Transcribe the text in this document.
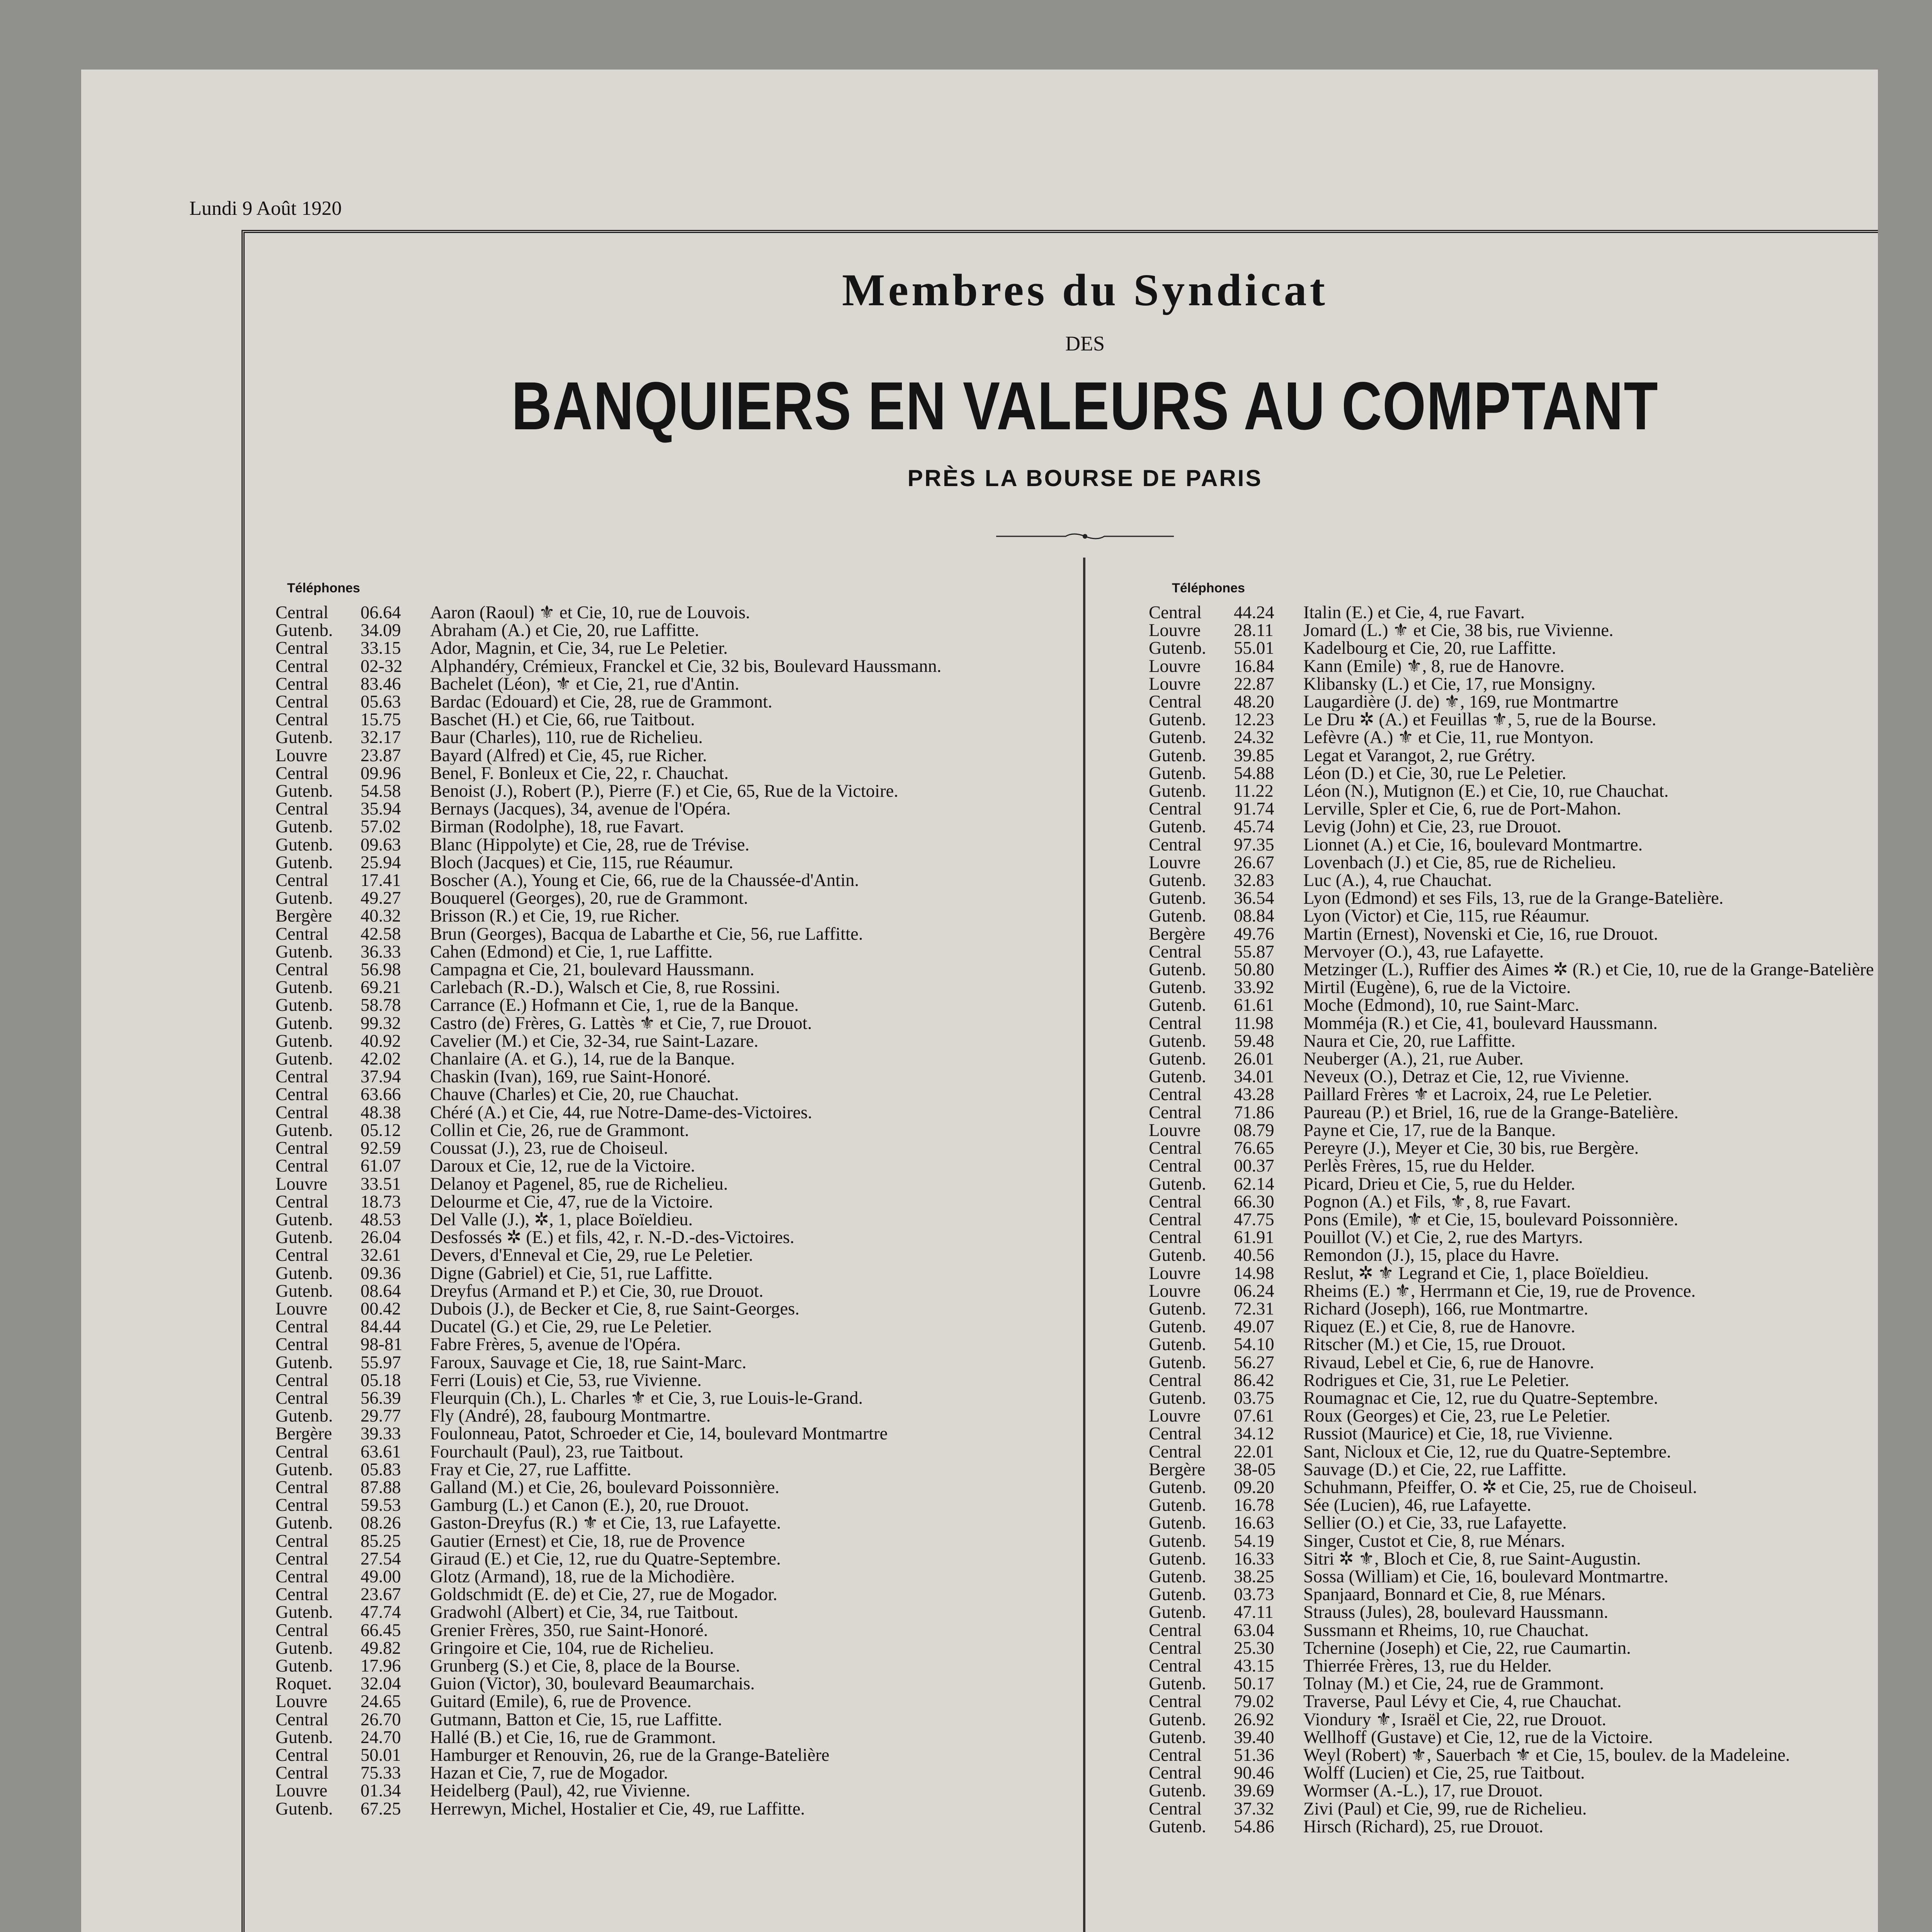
Lundi 9 Août 1920
Membres du Syndicat
DES
BANQUIERS EN VALEURS AU COMPTANT
PRÈS LA BOURSE DE PARIS
Téléphones	Téléphones
Central	06.64	Aaron (Raoul) ⚜ et Cie, 10, rue de Louvois.
Gutenb.	34.09	Abraham (A.) et Cie, 20, rue Laffitte.
Central	33.15	Ador, Magnin, et Cie, 34, rue Le Peletier.
Central	02-32	Alphandéry, Crémieux, Franckel et Cie, 32 bis, Boulevard Haussmann.
Central	83.46	Bachelet (Léon), ⚜ et Cie, 21, rue d'Antin.
Central	05.63	Bardac (Edouard) et Cie, 28, rue de Grammont.
Central	15.75	Baschet (H.) et Cie, 66, rue Taitbout.
Gutenb.	32.17	Baur (Charles), 110, rue de Richelieu.
Louvre	23.87	Bayard (Alfred) et Cie, 45, rue Richer.
Central	09.96	Benel, F. Bonleux et Cie, 22, r. Chauchat.
Gutenb.	54.58	Benoist (J.), Robert (P.), Pierre (F.) et Cie, 65, Rue de la Victoire.
Central	35.94	Bernays (Jacques), 34, avenue de l'Opéra.
Gutenb.	57.02	Birman (Rodolphe), 18, rue Favart.
Gutenb.	09.63	Blanc (Hippolyte) et Cie, 28, rue de Trévise.
Gutenb.	25.94	Bloch (Jacques) et Cie, 115, rue Réaumur.
Central	17.41	Boscher (A.), Young et Cie, 66, rue de la Chaussée-d'Antin.
Gutenb.	49.27	Bouquerel (Georges), 20, rue de Grammont.
Bergère	40.32	Brisson (R.) et Cie, 19, rue Richer.
Central	42.58	Brun (Georges), Bacqua de Labarthe et Cie, 56, rue Laffitte.
Gutenb.	36.33	Cahen (Edmond) et Cie, 1, rue Laffitte.
Central	56.98	Campagna et Cie, 21, boulevard Haussmann.
Gutenb.	69.21	Carlebach (R.-D.), Walsch et Cie, 8, rue Rossini.
Gutenb.	58.78	Carrance (E.) Hofmann et Cie, 1, rue de la Banque.
Gutenb.	99.32	Castro (de) Frères, G. Lattès ⚜ et Cie, 7, rue Drouot.
Gutenb.	40.92	Cavelier (M.) et Cie, 32-34, rue Saint-Lazare.
Gutenb.	42.02	Chanlaire (A. et G.), 14, rue de la Banque.
Central	37.94	Chaskin (Ivan), 169, rue Saint-Honoré.
Central	63.66	Chauve (Charles) et Cie, 20, rue Chauchat.
Central	48.38	Chéré (A.) et Cie, 44, rue Notre-Dame-des-Victoires.
Gutenb.	05.12	Collin et Cie, 26, rue de Grammont.
Central	92.59	Coussat (J.), 23, rue de Choiseul.
Central	61.07	Daroux et Cie, 12, rue de la Victoire.
Louvre	33.51	Delanoy et Pagenel, 85, rue de Richelieu.
Central	18.73	Delourme et Cie, 47, rue de la Victoire.
Gutenb.	48.53	Del Valle (J.), ✲, 1, place Boïeldieu.
Gutenb.	26.04	Desfossés ✲ (E.) et fils, 42, r. N.-D.-des-Victoires.
Central	32.61	Devers, d'Enneval et Cie, 29, rue Le Peletier.
Gutenb.	09.36	Digne (Gabriel) et Cie, 51, rue Laffitte.
Gutenb.	08.64	Dreyfus (Armand et P.) et Cie, 30, rue Drouot.
Louvre	00.42	Dubois (J.), de Becker et Cie, 8, rue Saint-Georges.
Central	84.44	Ducatel (G.) et Cie, 29, rue Le Peletier.
Central	98-81	Fabre Frères, 5, avenue de l'Opéra.
Gutenb.	55.97	Faroux, Sauvage et Cie, 18, rue Saint-Marc.
Central	05.18	Ferri (Louis) et Cie, 53, rue Vivienne.
Central	56.39	Fleurquin (Ch.), L. Charles ⚜ et Cie, 3, rue Louis-le-Grand.
Gutenb.	29.77	Fly (André), 28, faubourg Montmartre.
Bergère	39.33	Foulonneau, Patot, Schroeder et Cie, 14, boulevard Montmartre
Central	63.61	Fourchault (Paul), 23, rue Taitbout.
Gutenb.	05.83	Fray et Cie, 27, rue Laffitte.
Central	87.88	Galland (M.) et Cie, 26, boulevard Poissonnière.
Central	59.53	Gamburg (L.) et Canon (E.), 20, rue Drouot.
Gutenb.	08.26	Gaston-Dreyfus (R.) ⚜ et Cie, 13, rue Lafayette.
Central	85.25	Gautier (Ernest) et Cie, 18, rue de Provence
Central	27.54	Giraud (E.) et Cie, 12, rue du Quatre-Septembre.
Central	49.00	Glotz (Armand), 18, rue de la Michodière.
Central	23.67	Goldschmidt (E. de) et Cie, 27, rue de Mogador.
Gutenb.	47.74	Gradwohl (Albert) et Cie, 34, rue Taitbout.
Central	66.45	Grenier Frères, 350, rue Saint-Honoré.
Gutenb.	49.82	Gringoire et Cie, 104, rue de Richelieu.
Gutenb.	17.96	Grunberg (S.) et Cie, 8, place de la Bourse.
Roquet.	32.04	Guion (Victor), 30, boulevard Beaumarchais.
Louvre	24.65	Guitard (Emile), 6, rue de Provence.
Central	26.70	Gutmann, Batton et Cie, 15, rue Laffitte.
Gutenb.	24.70	Hallé (B.) et Cie, 16, rue de Grammont.
Central	50.01	Hamburger et Renouvin, 26, rue de la Grange-Batelière
Central	75.33	Hazan et Cie, 7, rue de Mogador.
Louvre	01.34	Heidelberg (Paul), 42, rue Vivienne.
Gutenb.	67.25	Herrewyn, Michel, Hostalier et Cie, 49, rue Laffitte.
Central	44.24	Italin (E.) et Cie, 4, rue Favart.
Louvre	28.11	Jomard (L.) ⚜ et Cie, 38 bis, rue Vivienne.
Gutenb.	55.01	Kadelbourg et Cie, 20, rue Laffitte.
Louvre	16.84	Kann (Emile) ⚜, 8, rue de Hanovre.
Louvre	22.87	Klibansky (L.) et Cie, 17, rue Monsigny.
Central	48.20	Laugardière (J. de) ⚜, 169, rue Montmartre
Gutenb.	12.23	Le Dru ✲ (A.) et Feuillas ⚜, 5, rue de la Bourse.
Gutenb.	24.32	Lefèvre (A.) ⚜ et Cie, 11, rue Montyon.
Gutenb.	39.85	Legat et Varangot, 2, rue Grétry.
Gutenb.	54.88	Léon (D.) et Cie, 30, rue Le Peletier.
Gutenb.	11.22	Léon (N.), Mutignon (E.) et Cie, 10, rue Chauchat.
Central	91.74	Lerville, Spler et Cie, 6, rue de Port-Mahon.
Gutenb.	45.74	Levig (John) et Cie, 23, rue Drouot.
Central	97.35	Lionnet (A.) et Cie, 16, boulevard Montmartre.
Louvre	26.67	Lovenbach (J.) et Cie, 85, rue de Richelieu.
Gutenb.	32.83	Luc (A.), 4, rue Chauchat.
Gutenb.	36.54	Lyon (Edmond) et ses Fils, 13, rue de la Grange-Batelière.
Gutenb.	08.84	Lyon (Victor) et Cie, 115, rue Réaumur.
Bergère	49.76	Martin (Ernest), Novenski et Cie, 16, rue Drouot.
Central	55.87	Mervoyer (O.), 43, rue Lafayette.
Gutenb.	50.80	Metzinger (L.), Ruffier des Aimes ✲ (R.) et Cie, 10, rue de la Grange-Batelière
Gutenb.	33.92	Mirtil (Eugène), 6, rue de la Victoire.
Gutenb.	61.61	Moche (Edmond), 10, rue Saint-Marc.
Central	11.98	Momméja (R.) et Cie, 41, boulevard Haussmann.
Gutenb.	59.48	Naura et Cie, 20, rue Laffitte.
Gutenb.	26.01	Neuberger (A.), 21, rue Auber.
Gutenb.	34.01	Neveux (O.), Detraz et Cie, 12, rue Vivienne.
Central	43.28	Paillard Frères ⚜ et Lacroix, 24, rue Le Peletier.
Central	71.86	Paureau (P.) et Briel, 16, rue de la Grange-Batelière.
Louvre	08.79	Payne et Cie, 17, rue de la Banque.
Central	76.65	Pereyre (J.), Meyer et Cie, 30 bis, rue Bergère.
Central	00.37	Perlès Frères, 15, rue du Helder.
Gutenb.	62.14	Picard, Drieu et Cie, 5, rue du Helder.
Central	66.30	Pognon (A.) et Fils, ⚜, 8, rue Favart.
Central	47.75	Pons (Emile), ⚜ et Cie, 15, boulevard Poissonnière.
Central	61.91	Pouillot (V.) et Cie, 2, rue des Martyrs.
Gutenb.	40.56	Remondon (J.), 15, place du Havre.
Louvre	14.98	Reslut, ✲ ⚜ Legrand et Cie, 1, place Boïeldieu.
Louvre	06.24	Rheims (E.) ⚜, Herrmann et Cie, 19, rue de Provence.
Gutenb.	72.31	Richard (Joseph), 166, rue Montmartre.
Gutenb.	49.07	Riquez (E.) et Cie, 8, rue de Hanovre.
Gutenb.	54.10	Ritscher (M.) et Cie, 15, rue Drouot.
Gutenb.	56.27	Rivaud, Lebel et Cie, 6, rue de Hanovre.
Central	86.42	Rodrigues et Cie, 31, rue Le Peletier.
Gutenb.	03.75	Roumagnac et Cie, 12, rue du Quatre-Septembre.
Louvre	07.61	Roux (Georges) et Cie, 23, rue Le Peletier.
Central	34.12	Russiot (Maurice) et Cie, 18, rue Vivienne.
Central	22.01	Sant, Nicloux et Cie, 12, rue du Quatre-Septembre.
Bergère	38-05	Sauvage (D.) et Cie, 22, rue Laffitte.
Gutenb.	09.20	Schuhmann, Pfeiffer, O. ✲ et Cie, 25, rue de Choiseul.
Gutenb.	16.78	Sée (Lucien), 46, rue Lafayette.
Gutenb.	16.63	Sellier (O.) et Cie, 33, rue Lafayette.
Gutenb.	54.19	Singer, Custot et Cie, 8, rue Ménars.
Gutenb.	16.33	Sitri ✲ ⚜, Bloch et Cie, 8, rue Saint-Augustin.
Gutenb.	38.25	Sossa (William) et Cie, 16, boulevard Montmartre.
Gutenb.	03.73	Spanjaard, Bonnard et Cie, 8, rue Ménars.
Gutenb.	47.11	Strauss (Jules), 28, boulevard Haussmann.
Central	63.04	Sussmann et Rheims, 10, rue Chauchat.
Central	25.30	Tchernine (Joseph) et Cie, 22, rue Caumartin.
Central	43.15	Thierrée Frères, 13, rue du Helder.
Gutenb.	50.17	Tolnay (M.) et Cie, 24, rue de Grammont.
Central	79.02	Traverse, Paul Lévy et Cie, 4, rue Chauchat.
Gutenb.	26.92	Viondury ⚜, Israël et Cie, 22, rue Drouot.
Gutenb.	39.40	Wellhoff (Gustave) et Cie, 12, rue de la Victoire.
Central	51.36	Weyl (Robert) ⚜, Sauerbach ⚜ et Cie, 15, boulev. de la Madeleine.
Central	90.46	Wolff (Lucien) et Cie, 25, rue Taitbout.
Gutenb.	39.69	Wormser (A.-L.), 17, rue Drouot.
Central	37.32	Zivi (Paul) et Cie, 99, rue de Richelieu.
Gutenb.	54.86	Hirsch (Richard), 25, rue Drouot.
